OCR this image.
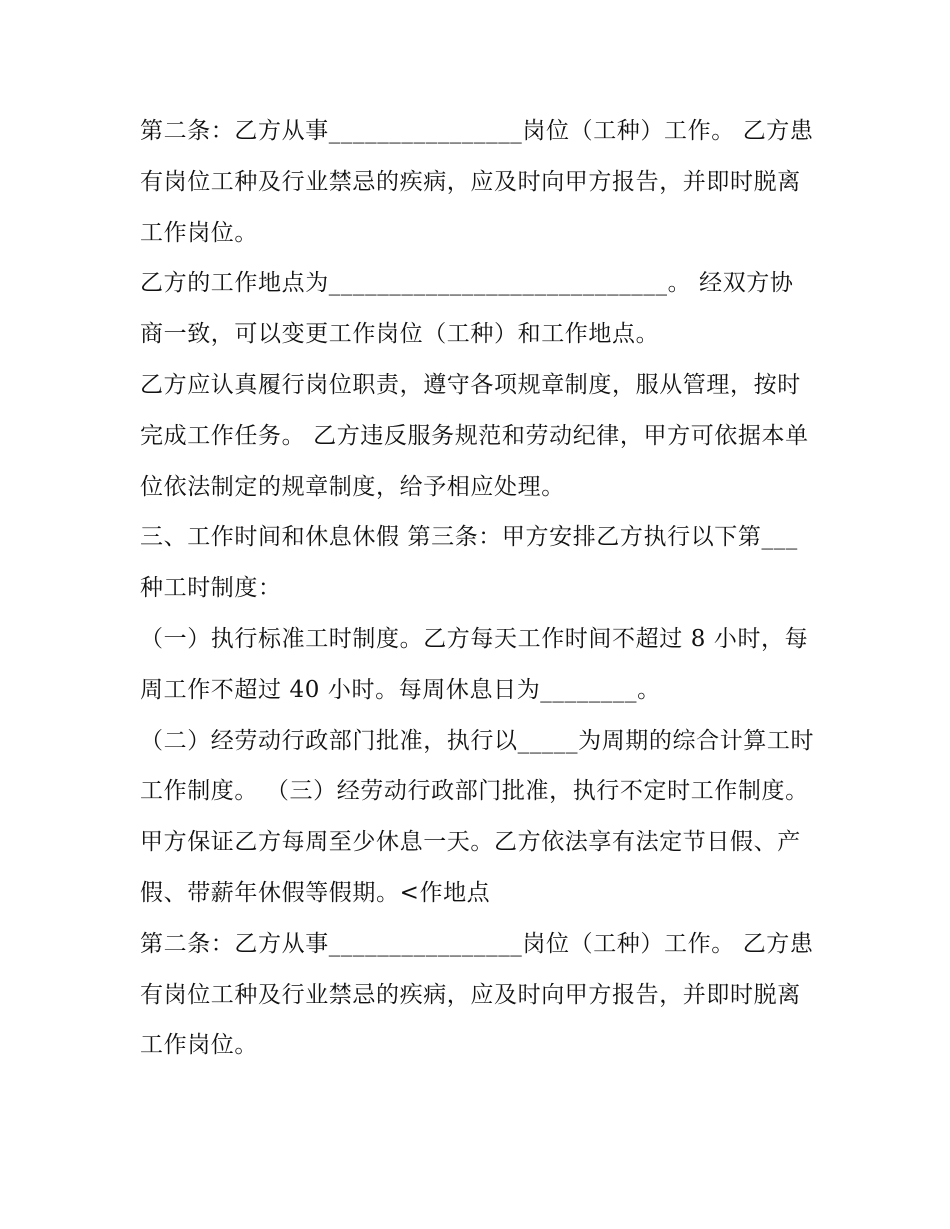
第二条：乙方从事________________岗位（工种）工作。 乙方患有岗位工种及行业禁忌的疾病，应及时向甲方报告，并即时脱离工作岗位。

乙方的工作地点为____________________________。 经双方协商一致，可以变更工作岗位（工种）和工作地点。

乙方应认真履行岗位职责，遵守各项规章制度，服从管理，按时完成工作任务。 乙方违反服务规范和劳动纪律，甲方可依据本单位依法制定的规章制度，给予相应处理。

三、工作时间和休息休假 第三条：甲方安排乙方执行以下第___种工时制度：

（一）执行标准工时制度。乙方每天工作时间不超过 8 小时，每周工作不超过 40 小时。每周休息日为________。

（二）经劳动行政部门批准，执行以_____为周期的综合计算工时工作制度。 （三）经劳动行政部门批准，执行不定时工作制度。

甲方保证乙方每周至少休息一天。乙方依法享有法定节日假、产假、带薪年休假等假期。<作地点

第二条：乙方从事________________岗位（工种）工作。 乙方患有岗位工种及行业禁忌的疾病，应及时向甲方报告，并即时脱离工作岗位。
